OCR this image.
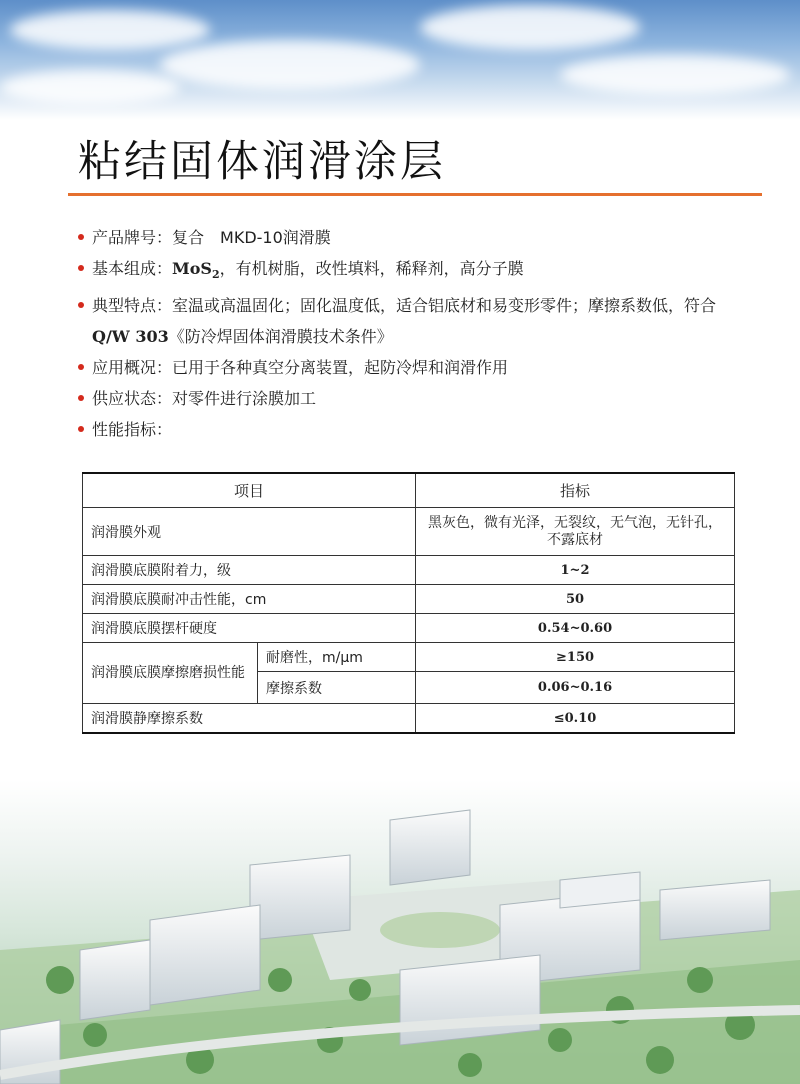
粘结固体润滑涂层
产品牌号：复合　MKD-10润滑膜
基本组成：MoS$_2$，有机树脂，改性填料，稀释剂，高分子膜
典型特点：室温或高温固化；固化温度低，适合铝底材和易变形零件；摩擦系数低，符合Q/W 303《防冷焊固体润滑膜技术条件》
应用概况：已用于各种真空分离装置，起防冷焊和润滑作用
供应状态：对零件进行涂膜加工
性能指标：
项目		指标
润滑膜外观		黑灰色，微有光泽，无裂纹，无气泡，无针孔，不露底材
润滑膜底膜附着力，级		1~2
润滑膜底膜耐冲击性能，cm		50
润滑膜底膜摆杆硬度		0.54~0.60
润滑膜底膜摩擦磨损性能	耐磨性，m/μm	≥150
	摩擦系数	0.06~0.16
润滑膜静摩擦系数		≤0.10
